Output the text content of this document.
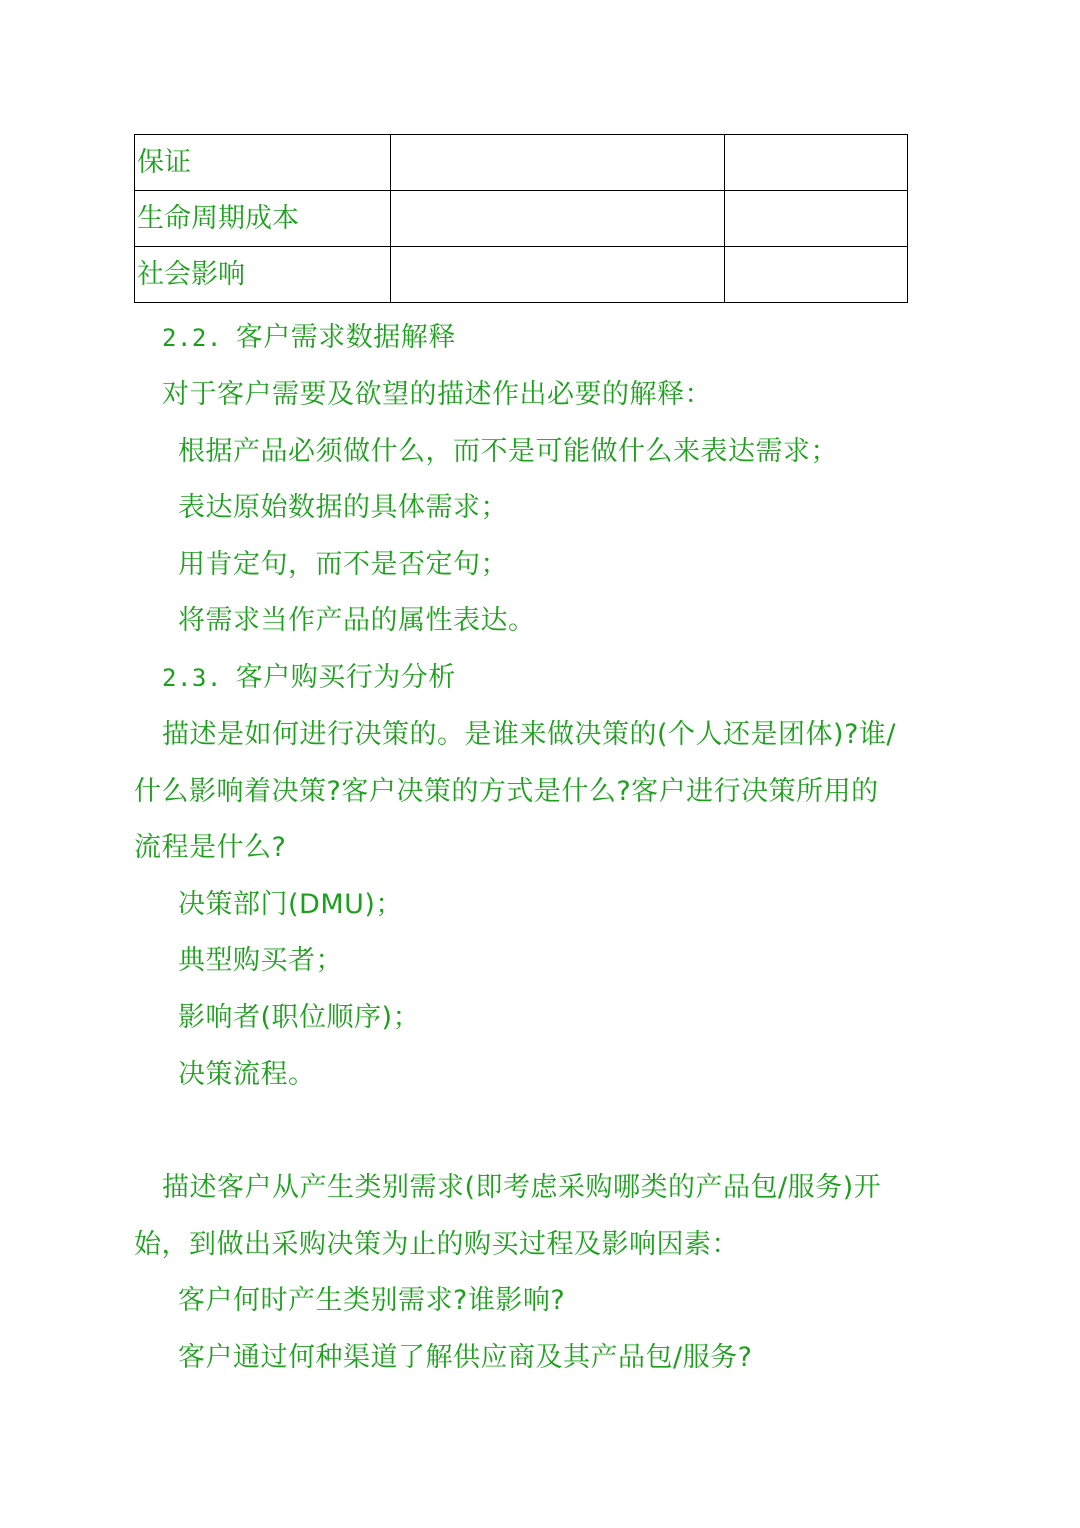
保证		
生命周期成本		
社会影响		
2.2. 客户需求数据解释
对于客户需要及欲望的描述作出必要的解释：
根据产品必须做什么，而不是可能做什么来表达需求；
表达原始数据的具体需求；
用肯定句，而不是否定句；
将需求当作产品的属性表达。
2.3. 客户购买行为分析
描述是如何进行决策的。是谁来做决策的(个人还是团体)?谁/
什么影响着决策?客户决策的方式是什么?客户进行决策所用的
流程是什么?
决策部门(DMU)；
典型购买者；
影响者(职位顺序)；
决策流程。
描述客户从产生类别需求(即考虑采购哪类的产品包/服务)开
始，到做出采购决策为止的购买过程及影响因素：
客户何时产生类别需求?谁影响?
客户通过何种渠道了解供应商及其产品包/服务?
